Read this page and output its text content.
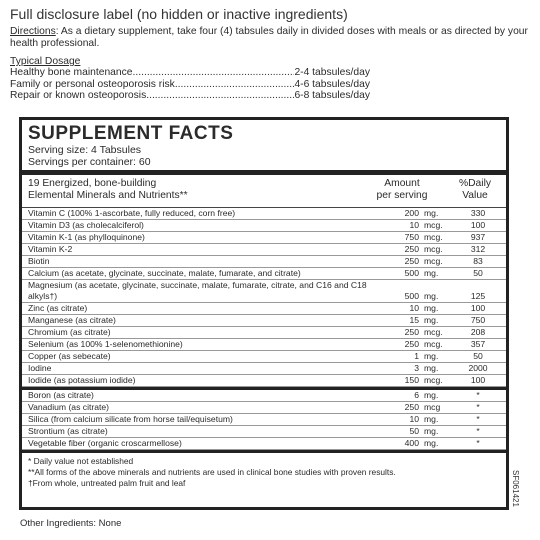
Full disclosure label (no hidden or inactive ingredients)

Directions: As a dietary supplement, take four (4) tabsules daily in divided doses with meals or as directed by your health professional.

Typical Dosage
Healthy bone maintenance .....	2-4 tabsules/day
Family or personal osteoporosis risk .....	4-6 tabsules/day
Repair or known osteoporosis .....	6-8 tabsules/day
SUPPLEMENT FACTS
Serving size: 4 Tabsules
Servings per container: 60
19 Energized, bone-building
Elemental Minerals and Nutrients**
Amount
per serving
%Daily
Value
Vitamin C (100% 1-ascorbate, fully reduced, corn free)	200 mg.	330
Vitamin D3 (as cholecalciferol)	10 mcg.	100
Vitamin K-1 (as phylloquinone)	750 mcg.	937
Vitamin K-2	250 mcg.	312
Biotin	250 mcg.	83
Calcium (as acetate, glycinate, succinate, malate, fumarate, and citrate)	500 mg.	50
Magnesium (as acetate, glycinate, succinate, malate, fumarate, citrate, and C16 and C18 alkyls†)	500 mg.	125
Zinc (as citrate)	10 mg.	100
Manganese (as citrate)	15 mg.	750
Chromium (as citrate)	250 mcg.	208
Selenium (as 100% 1-selenomethionine)	250 mcg.	357
Copper (as sebecate)	1 mg.	50
Iodine	3 mg.	2000
Iodide (as potassium iodide)	150 mcg.	100
Boron (as citrate)	6 mg.	*
Vanadium (as citrate)	250 mcg	*
Silica (from calcium silicate from horse tail/equisetum)	10 mg.	*
Strontium (as citrate)	50 mg.	*
Vegetable fiber (organic croscarmellose)	400 mg.	*
* Daily value not established
**All forms of the above minerals and nutrients are used in clinical bone studies with proven results.
†From whole, untreated palm fruit and leaf	SF061421
Other Ingredients: None
